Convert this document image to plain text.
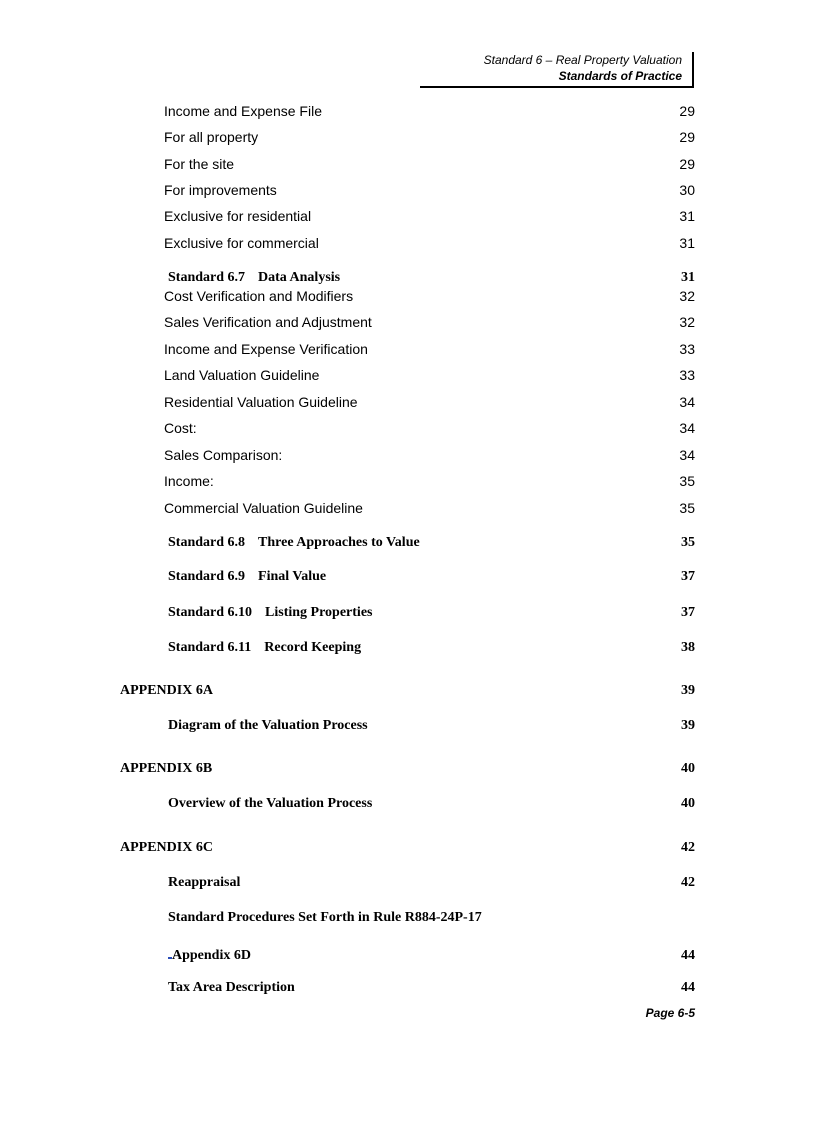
Standard 6 – Real Property Valuation
Standards of Practice
Income and Expense File	29
For all property	29
For the site	29
For improvements	30
Exclusive for residential	31
Exclusive for commercial	31
Standard 6.7 Data Analysis	31
Cost Verification and Modifiers	32
Sales Verification and Adjustment	32
Income and Expense Verification	33
Land Valuation Guideline	33
Residential Valuation Guideline	34
Cost:	34
Sales Comparison:	34
Income:	35
Commercial Valuation Guideline	35
Standard 6.8 Three Approaches to Value	35
Standard 6.9 Final Value	37
Standard 6.10 Listing Properties	37
Standard 6.11 Record Keeping	38
APPENDIX 6A	39
Diagram of the Valuation Process	39
APPENDIX 6B	40
Overview of the Valuation Process	40
APPENDIX 6C	42
Reappraisal	42
Standard Procedures Set Forth in Rule R884-24P-17
Appendix 6D	44
Tax Area Description	44
Page 6-5
